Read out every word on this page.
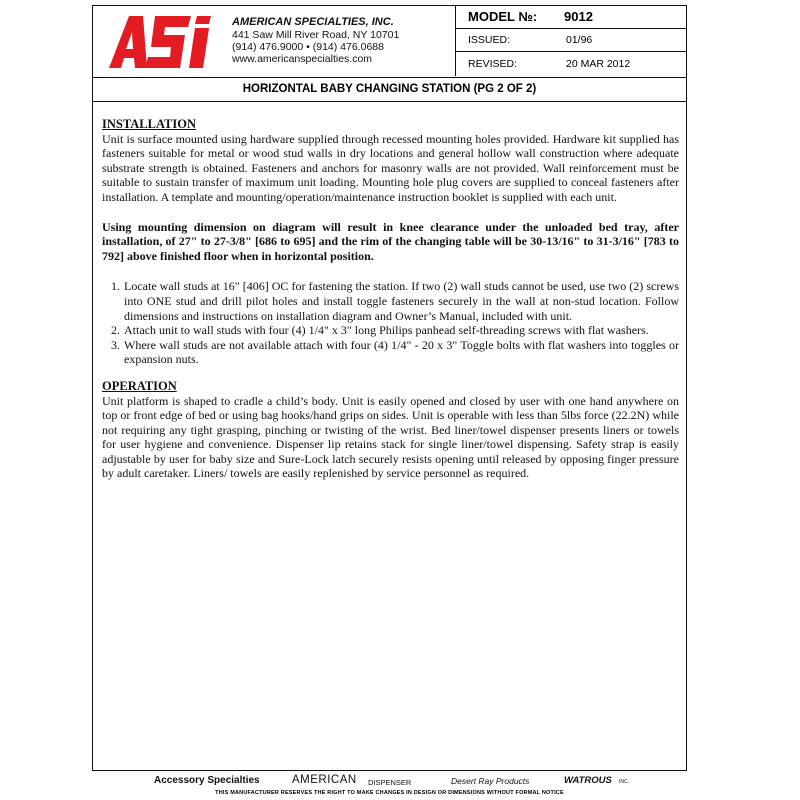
AMERICAN SPECIALTIES, INC.
441 Saw Mill River Road, NY 10701
(914) 476.9000 • (914) 476.0688
www.americanspecialties.com
MODEL №: 9012
ISSUED:	01/96
REVISED:	20 MAR 2012
HORIZONTAL BABY CHANGING STATION (PG 2 OF 2)
INSTALLATION

Unit is surface mounted using hardware supplied through recessed mounting holes provided. Hardware kit supplied has fasteners suitable for metal or wood stud walls in dry locations and general hollow wall construction where adequate substrate strength is obtained. Fasteners and anchors for masonry walls are not provided. Wall reinforcement must be suitable to sustain transfer of maximum unit loading. Mounting hole plug covers are supplied to conceal fasteners after installation. A template and mounting/operation/maintenance instruction booklet is supplied with each unit.

Using mounting dimension on diagram will result in knee clearance under the unloaded bed tray, after installation, of 27" to 27-3/8" [686 to 695] and the rim of the changing table will be 30-13/16" to 31-3/16" [783 to 792] above finished floor when in horizontal position.

1. Locate wall studs at 16" [406] OC for fastening the station. If two (2) wall studs cannot be used, use two (2) screws into ONE stud and drill pilot holes and install toggle fasteners securely in the wall at non-stud location. Follow dimensions and instructions on installation diagram and Owner’s Manual, included with unit.
2. Attach unit to wall studs with four (4) 1/4" x 3" long Philips panhead self-threading screws with flat washers.
3. Where wall studs are not available attach with four (4) 1/4" - 20 x 3" Toggle bolts with flat washers into toggles or expansion nuts.
OPERATION

Unit platform is shaped to cradle a child’s body. Unit is easily opened and closed by user with one hand anywhere on top or front edge of bed or using bag hooks/hand grips on sides. Unit is operable with less than 5lbs force (22.2N) while not requiring any tight grasping, pinching or twisting of the wrist. Bed liner/towel dispenser presents liners or towels for user hygiene and convenience. Dispenser lip retains stack for single liner/towel dispensing. Safety strap is easily adjustable by user for baby size and Sure-Lock latch securely resists opening until released by opposing finger pressure by adult caretaker. Liners/ towels are easily replenished by service personnel as required.

Accessory Specialties	AMERICAN DISPENSER	Desert Ray Products	WATROUS INC.
THIS MANUFACTURER RESERVES THE RIGHT TO MAKE CHANGES IN DESIGN OR DIMENSIONS WITHOUT FORMAL NOTICE
